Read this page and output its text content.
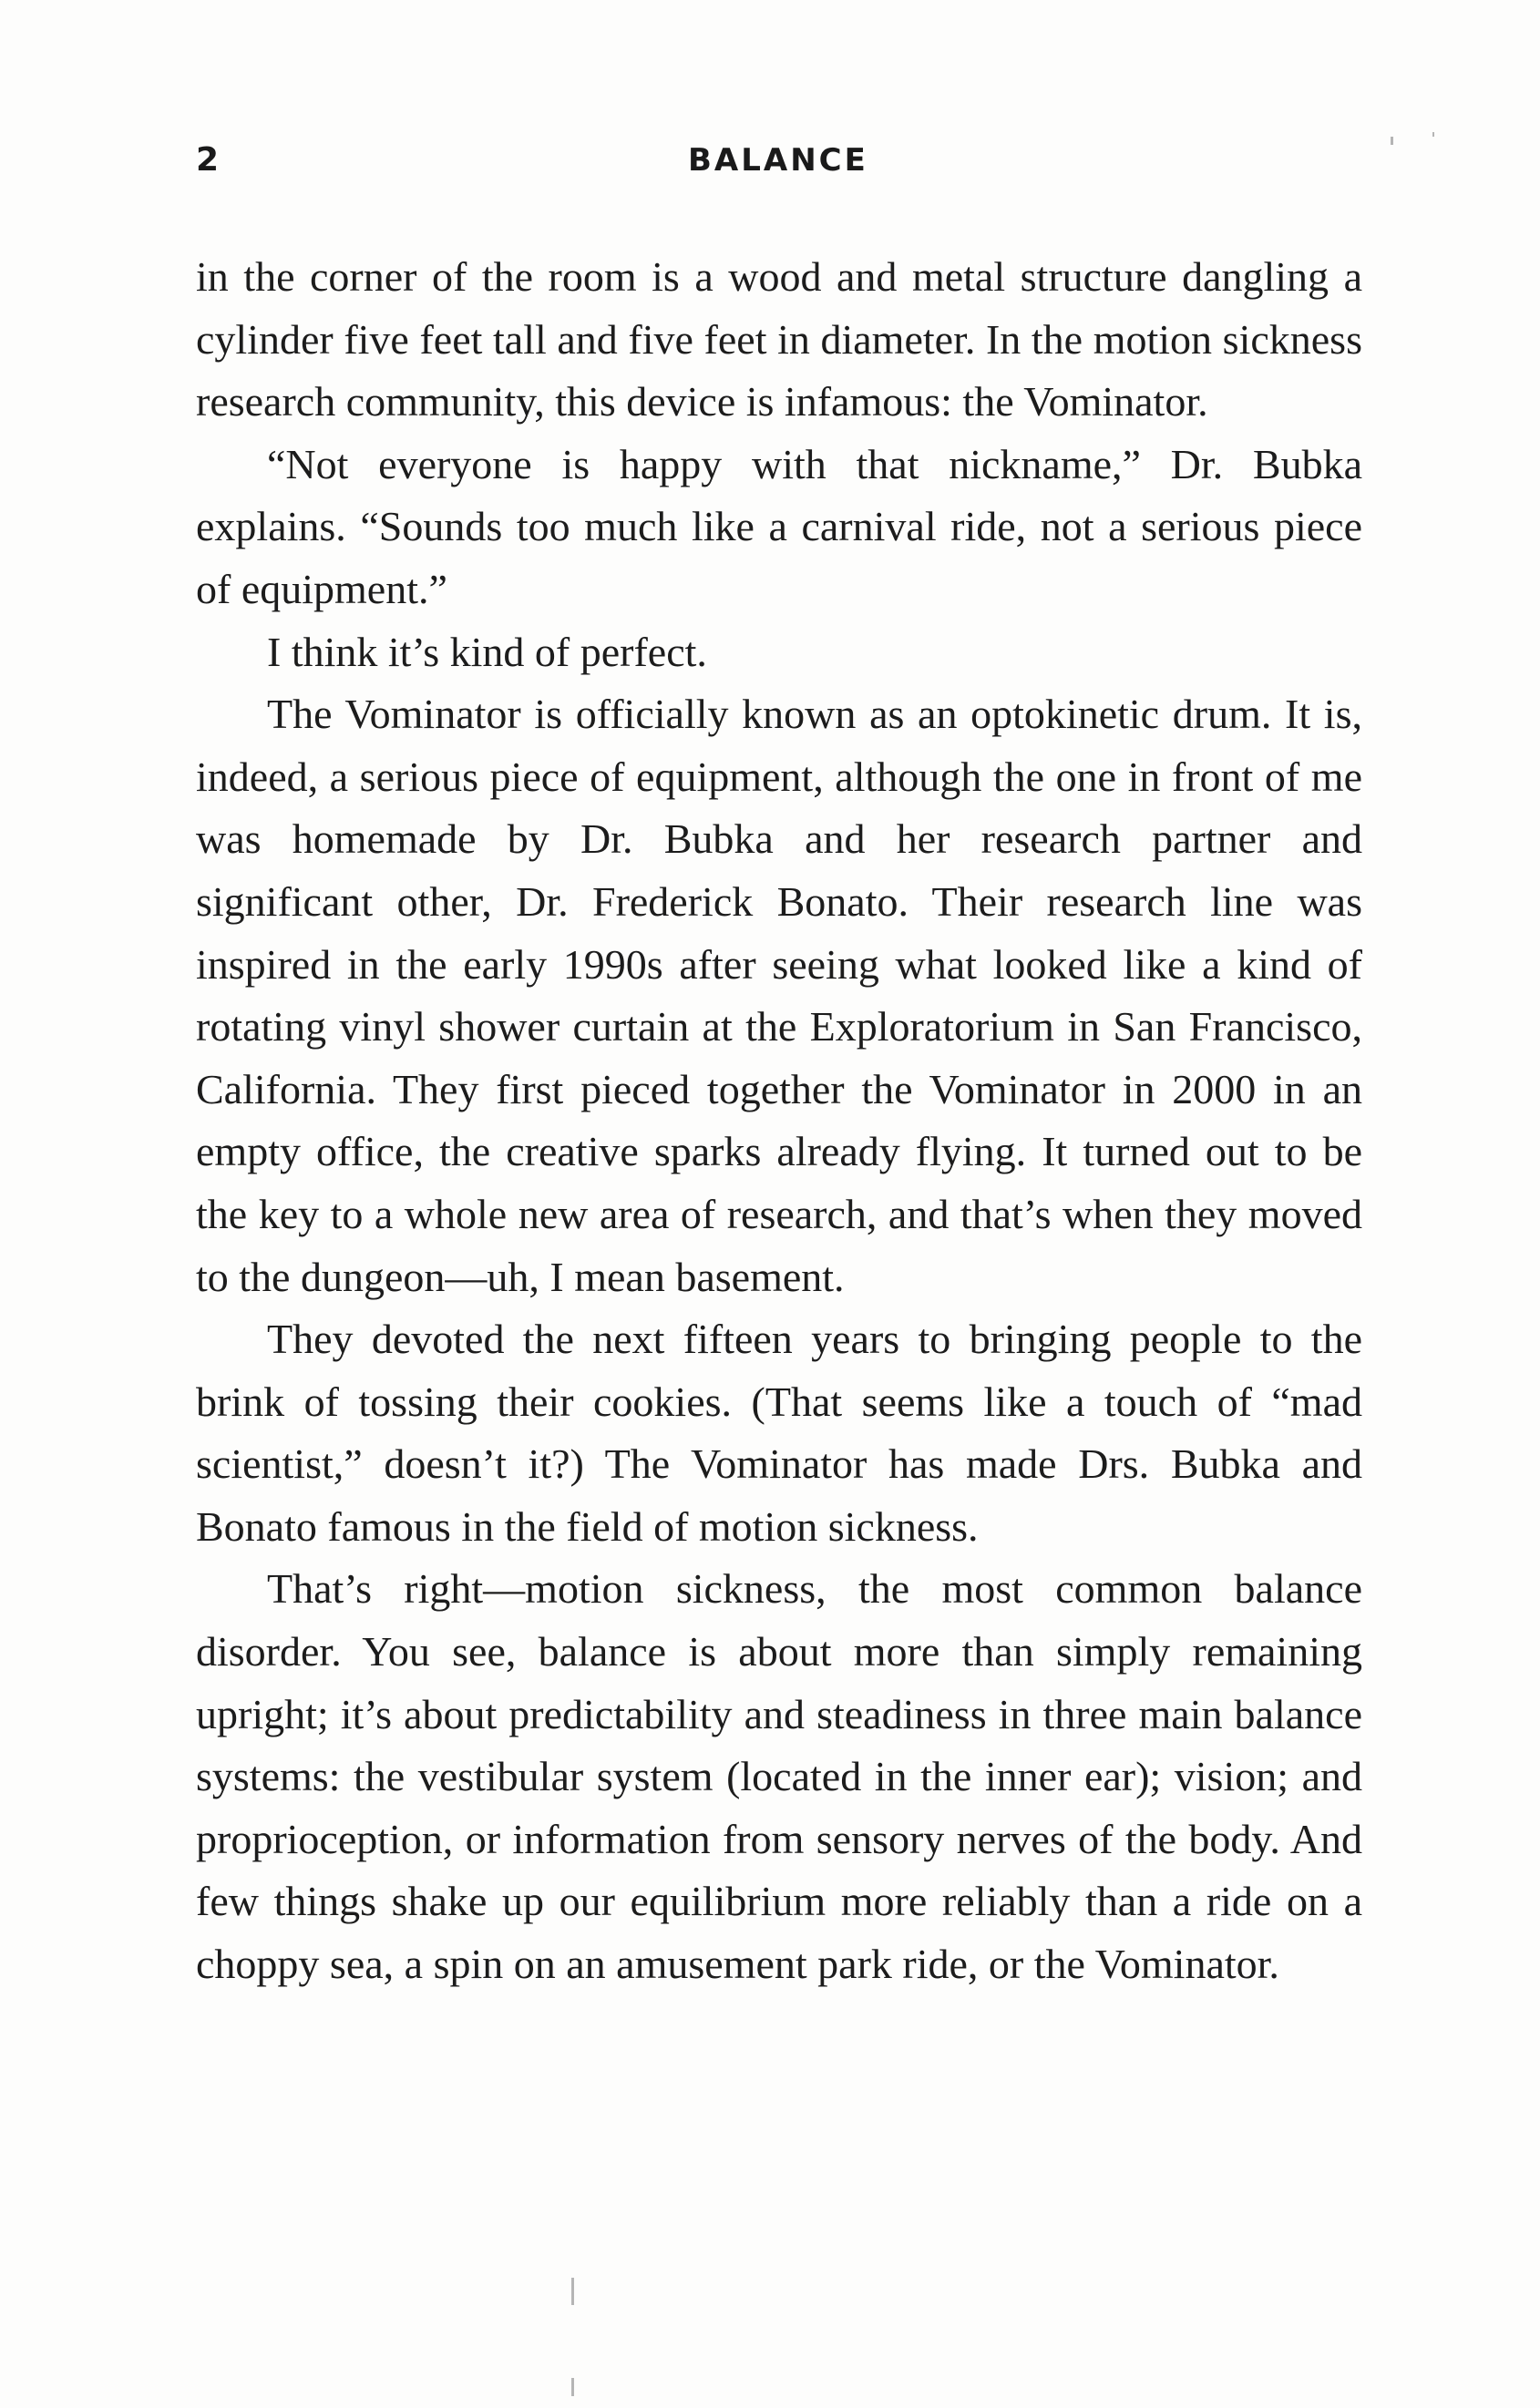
2	BALANCE

in the corner of the room is a wood and metal structure dangling a cylinder five feet tall and five feet in diameter. In the motion sickness research community, this device is infamous: the Vominator.

“Not everyone is happy with that nickname,” Dr. Bubka explains. “Sounds too much like a carnival ride, not a serious piece of equipment.”

I think it’s kind of perfect.

The Vominator is officially known as an optokinetic drum. It is, indeed, a serious piece of equipment, although the one in front of me was homemade by Dr. Bubka and her research partner and significant other, Dr. Frederick Bonato. Their research line was inspired in the early 1990s after seeing what looked like a kind of rotating vinyl shower curtain at the Exploratorium in San Francisco, California. They first pieced together the Vominator in 2000 in an empty office, the creative sparks already flying. It turned out to be the key to a whole new area of research, and that’s when they moved to the dungeon—uh, I mean basement.

They devoted the next fifteen years to bringing people to the brink of tossing their cookies. (That seems like a touch of “mad scientist,” doesn’t it?) The Vominator has made Drs. Bubka and Bonato famous in the field of motion sickness.

That’s right—motion sickness, the most common balance disorder. You see, balance is about more than simply remaining upright; it’s about predictability and steadiness in three main balance systems: the vestibular system (located in the inner ear); vision; and proprioception, or information from sensory nerves of the body. And few things shake up our equilibrium more reliably than a ride on a choppy sea, a spin on an amusement park ride, or the Vominator.
